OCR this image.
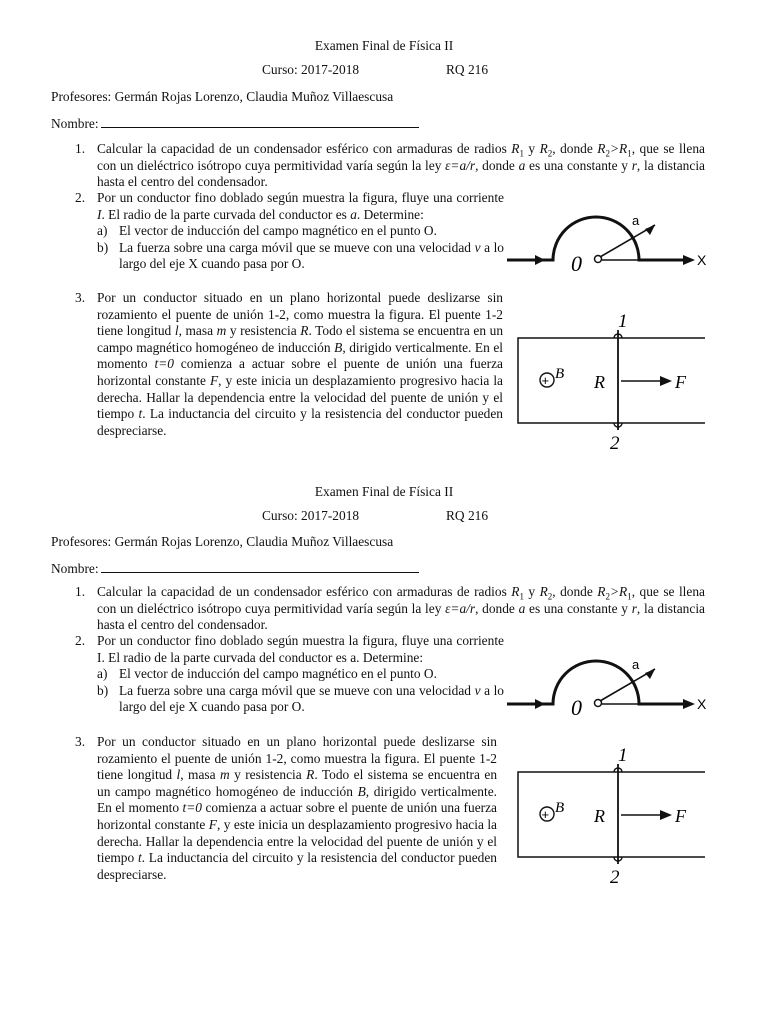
Examen Final de Física II
Curso: 2017-2018	RQ 216
Profesores: Germán Rojas Lorenzo, Claudia Muñoz Villaescusa
Nombre:
1. Calcular la capacidad de un condensador esférico con armaduras de radios $R_1$ y $R_2$, donde $R_2>R_1$, que se llena con un dieléctrico isótropo cuya permitividad varía según la ley ε=a/r, donde a es una constante y r, la distancia hasta el centro del condensador.

2. Por un conductor fino doblado según muestra la figura, fluye una corriente I. El radio de la parte curvada del conductor es a. Determine:

a) El vector de inducción del campo magnético en el punto O.
b) La fuerza sobre una carga móvil que se mueve con una velocidad v a lo largo del eje X cuando pasa por O.
a
0	X
3. Por un conductor situado en un plano horizontal puede deslizarse sin rozamiento el puente de unión 1-2, como muestra la figura. El puente 1-2 tiene longitud l, masa m y resistencia R. Todo el sistema se encuentra en un campo magnético homogéneo de inducción B, dirigido verticalmente. En el momento t=0 comienza a actuar sobre el puente de unión una fuerza horizontal constante F, y este inicia un desplazamiento progresivo hacia la derecha. Hallar la dependencia entre la velocidad del puente de unión y el tiempo t. La inductancia del circuito y la resistencia del conductor pueden despreciarse.

1
2
+ B R	F
Examen Final de Física II
Curso: 2017-2018	RQ 216
Profesores: Germán Rojas Lorenzo, Claudia Muñoz Villaescusa
Nombre:
1. Calcular la capacidad de un condensador esférico con armaduras de radios $R_1$ y $R_2$, donde $R_2>R_1$, que se llena con un dieléctrico isótropo cuya permitividad varía según la ley ε=a/r, donde a es una constante y r, la distancia hasta el centro del condensador.

2. Por un conductor fino doblado según muestra la figura, fluye una corriente I. El radio de la parte curvada del conductor es a. Determine:

a) El vector de inducción del campo magnético en el punto O.
b) La fuerza sobre una carga móvil que se mueve con una velocidad v a lo largo del eje X cuando pasa por O.
a
0	X
3. Por un conductor situado en un plano horizontal puede deslizarse sin rozamiento el puente de unión 1-2, como muestra la figura. El puente 1-2 tiene longitud l, masa m y resistencia R. Todo el sistema se encuentra en un campo magnético homogéneo de inducción B, dirigido verticalmente. En el momento t=0 comienza a actuar sobre el puente de unión una fuerza horizontal constante F, y este inicia un desplazamiento progresivo hacia la derecha. Hallar la dependencia entre la velocidad del puente de unión y el tiempo t. La inductancia del circuito y la resistencia del conductor pueden despreciarse.

1
2
+ B R	F
